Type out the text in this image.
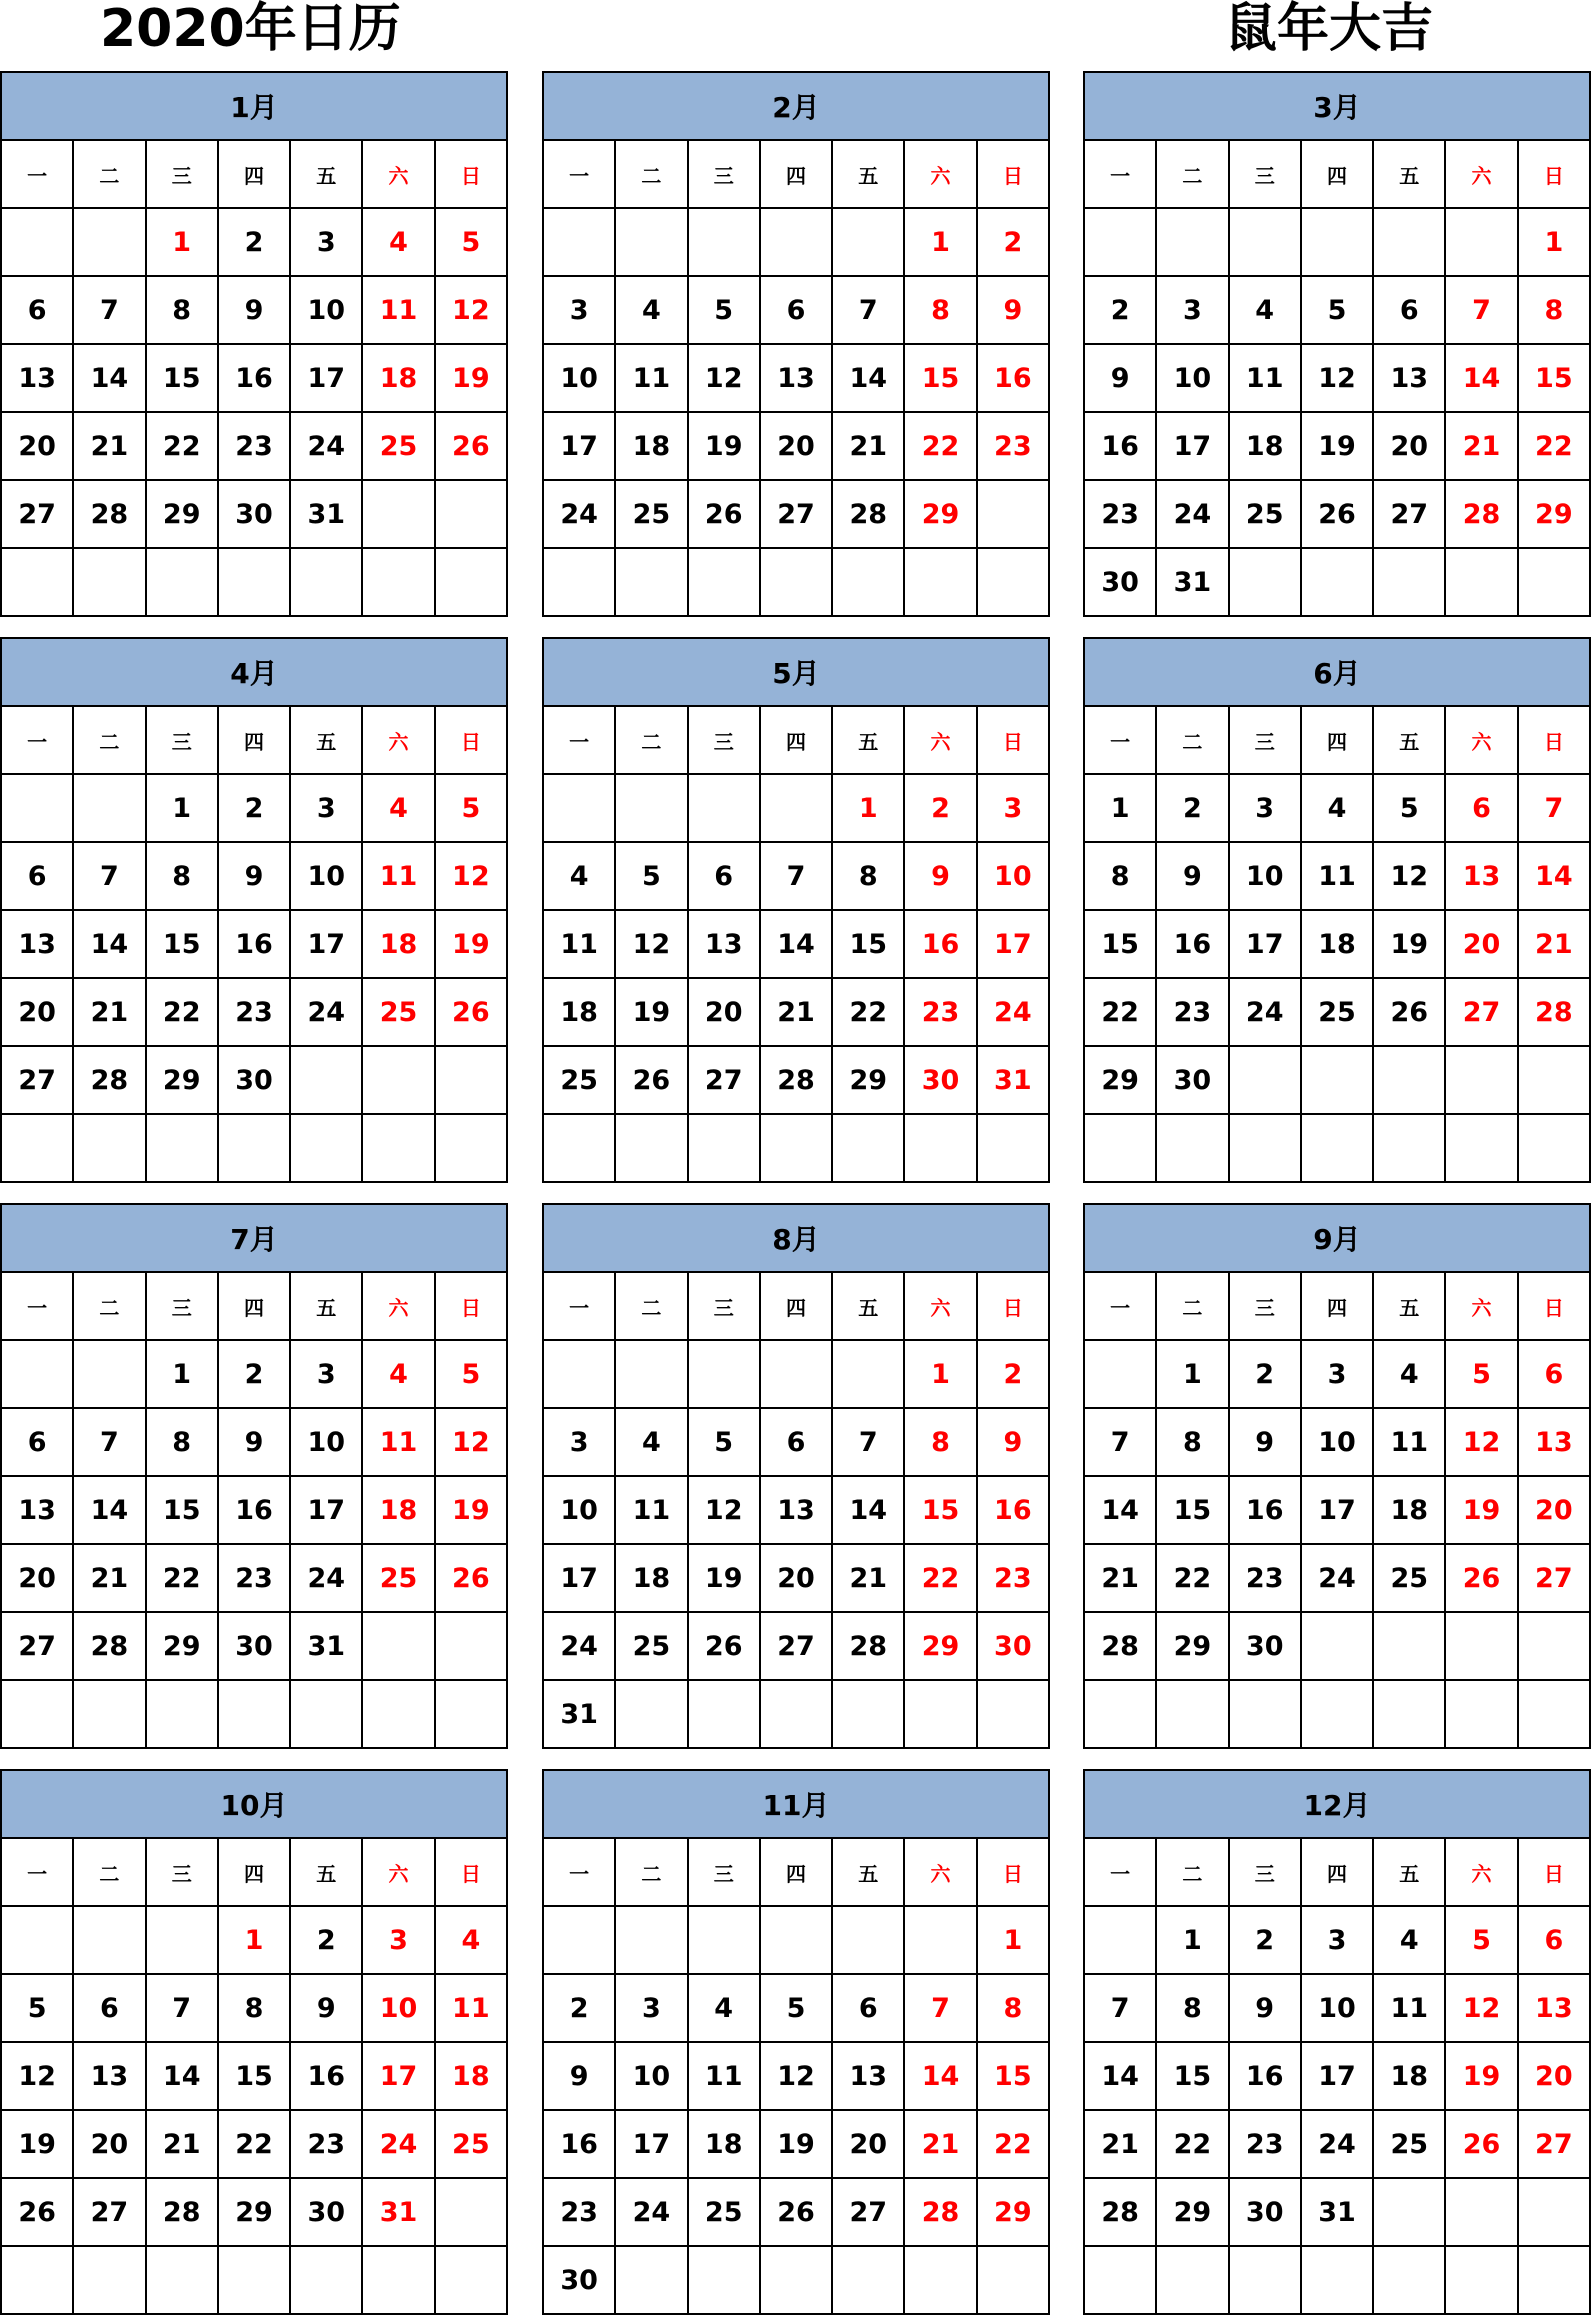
2020年日历	鼠年大吉
1月						
一	二	三	四	五	六	日
		1	2	3	4	5
6	7	8	9	10	11	12
13	14	15	16	17	18	19
20	21	22	23	24	25	26
27	28	29	30	31		

2月						
一	二	三	四	五	六	日
					1	2
3	4	5	6	7	8	9
10	11	12	13	14	15	16
17	18	19	20	21	22	23
24	25	26	27	28	29	

3月						
一	二	三	四	五	六	日
						1
2	3	4	5	6	7	8
9	10	11	12	13	14	15
16	17	18	19	20	21	22
23	24	25	26	27	28	29
30	31					
4月						
一	二	三	四	五	六	日
		1	2	3	4	5
6	7	8	9	10	11	12
13	14	15	16	17	18	19
20	21	22	23	24	25	26
27	28	29	30			

5月						
一	二	三	四	五	六	日
				1	2	3
4	5	6	7	8	9	10
11	12	13	14	15	16	17
18	19	20	21	22	23	24
25	26	27	28	29	30	31

6月						
一	二	三	四	五	六	日
1	2	3	4	5	6	7
8	9	10	11	12	13	14
15	16	17	18	19	20	21
22	23	24	25	26	27	28
29	30					

7月						
一	二	三	四	五	六	日
		1	2	3	4	5
6	7	8	9	10	11	12
13	14	15	16	17	18	19
20	21	22	23	24	25	26
27	28	29	30	31		

8月						
一	二	三	四	五	六	日
					1	2
3	4	5	6	7	8	9
10	11	12	13	14	15	16
17	18	19	20	21	22	23
24	25	26	27	28	29	30
31						
9月						
一	二	三	四	五	六	日
	1	2	3	4	5	6
7	8	9	10	11	12	13
14	15	16	17	18	19	20
21	22	23	24	25	26	27
28	29	30				

10月						
一	二	三	四	五	六	日
			1	2	3	4
5	6	7	8	9	10	11
12	13	14	15	16	17	18
19	20	21	22	23	24	25
26	27	28	29	30	31	

11月						
一	二	三	四	五	六	日
						1
2	3	4	5	6	7	8
9	10	11	12	13	14	15
16	17	18	19	20	21	22
23	24	25	26	27	28	29
30						
12月						
一	二	三	四	五	六	日
	1	2	3	4	5	6
7	8	9	10	11	12	13
14	15	16	17	18	19	20
21	22	23	24	25	26	27
28	29	30	31			
